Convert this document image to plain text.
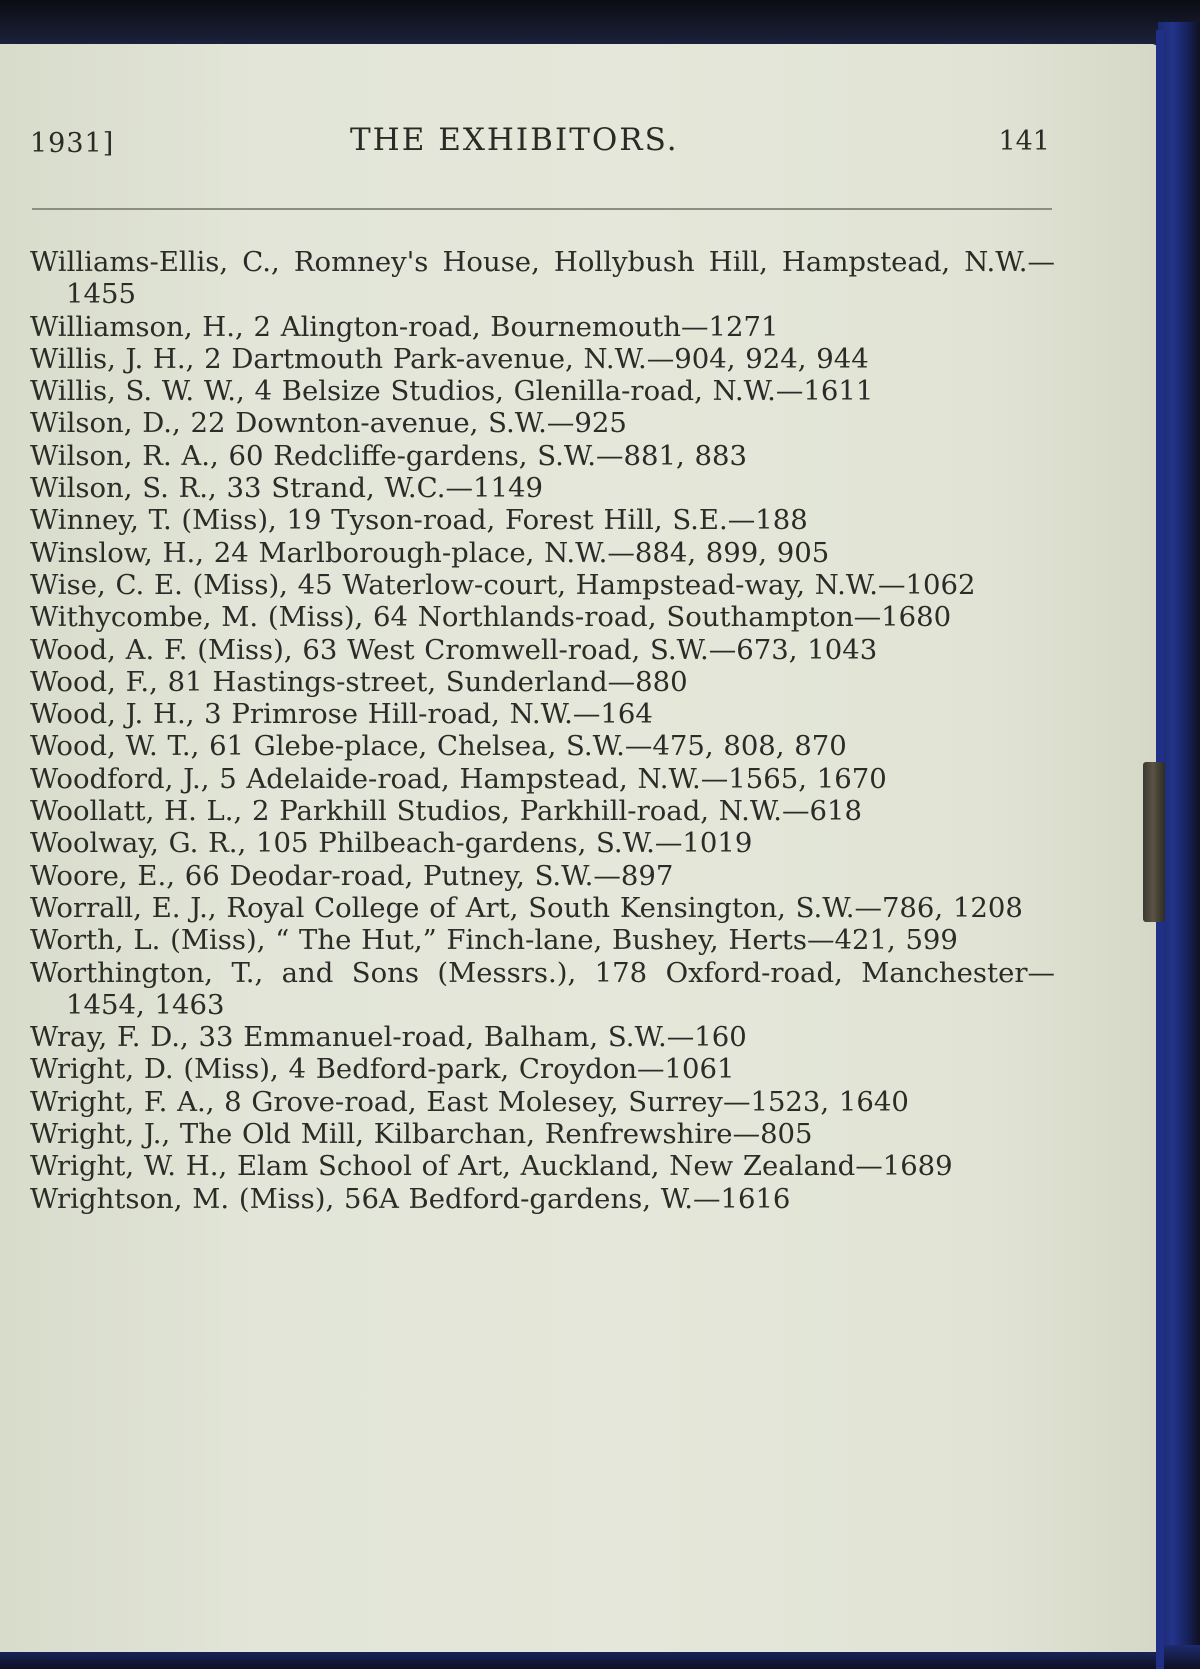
1931]	THE EXHIBITORS.	141
Williams-Ellis, C., Romney's House, Hollybush Hill, Hampstead, N.W.—1455
Williamson, H., 2 Alington-road, Bournemouth—1271
Willis, J. H., 2 Dartmouth Park-avenue, N.W.—904, 924, 944
Willis, S. W. W., 4 Belsize Studios, Glenilla-road, N.W.—1611
Wilson, D., 22 Downton-avenue, S.W.—925
Wilson, R. A., 60 Redcliffe-gardens, S.W.—881, 883
Wilson, S. R., 33 Strand, W.C.—1149
Winney, T. (Miss), 19 Tyson-road, Forest Hill, S.E.—188
Winslow, H., 24 Marlborough-place, N.W.—884, 899, 905
Wise, C. E. (Miss), 45 Waterlow-court, Hampstead-way, N.W.—1062
Withycombe, M. (Miss), 64 Northlands-road, Southampton—1680
Wood, A. F. (Miss), 63 West Cromwell-road, S.W.—673, 1043
Wood, F., 81 Hastings-street, Sunderland—880
Wood, J. H., 3 Primrose Hill-road, N.W.—164
Wood, W. T., 61 Glebe-place, Chelsea, S.W.—475, 808, 870
Woodford, J., 5 Adelaide-road, Hampstead, N.W.—1565, 1670
Woollatt, H. L., 2 Parkhill Studios, Parkhill-road, N.W.—618
Woolway, G. R., 105 Philbeach-gardens, S.W.—1019
Woore, E., 66 Deodar-road, Putney, S.W.—897
Worrall, E. J., Royal College of Art, South Kensington, S.W.—786, 1208
Worth, L. (Miss), “ The Hut,” Finch-lane, Bushey, Herts—421, 599
Worthington, T., and Sons (Messrs.), 178 Oxford-road, Manchester—1454, 1463
Wray, F. D., 33 Emmanuel-road, Balham, S.W.—160
Wright, D. (Miss), 4 Bedford-park, Croydon—1061
Wright, F. A., 8 Grove-road, East Molesey, Surrey—1523, 1640
Wright, J., The Old Mill, Kilbarchan, Renfrewshire—805
Wright, W. H., Elam School of Art, Auckland, New Zealand—1689
Wrightson, M. (Miss), 56A Bedford-gardens, W.—1616
